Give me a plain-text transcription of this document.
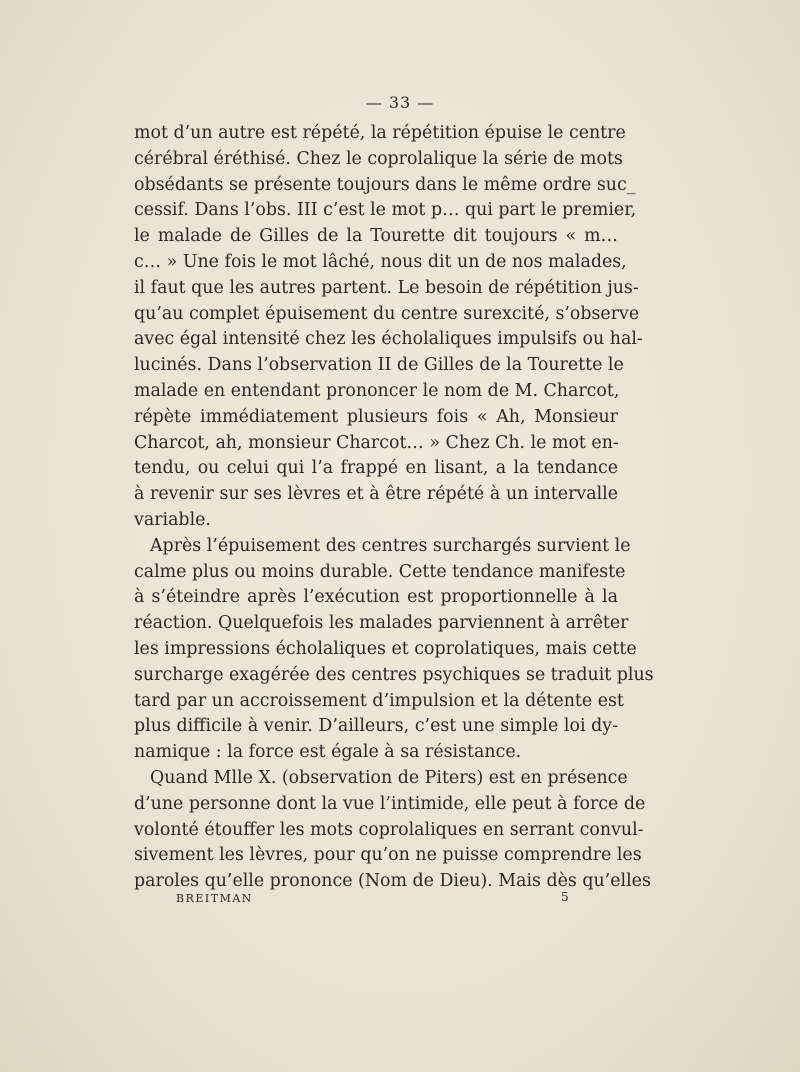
— 33 —
mot d’un autre est répété, la répétition épuise le centre
cérébral éréthisé. Chez le coprolalique la série de mots
obsédants se présente toujours dans le même ordre suc_
cessif. Dans l’obs. III c’est le mot p… qui part le premier,
le malade de Gilles de la Tourette dit toujours « m…
c… » Une fois le mot lâché, nous dit un de nos malades,
il faut que les autres partent. Le besoin de répétition jus-
qu’au complet épuisement du centre surexcité, s’observe
avec égal intensité chez les écholaliques impulsifs ou hal-
lucinés. Dans l’observation II de Gilles de la Tourette le
malade en entendant prononcer le nom de M. Charcot,
répète immédiatement plusieurs fois « Ah, Monsieur
Charcot, ah, monsieur Charcot… » Chez Ch. le mot en-
tendu, ou celui qui l’a frappé en lisant, a la tendance
à revenir sur ses lèvres et à être répété à un intervalle
variable.
Après l’épuisement des centres surchargés survient le
calme plus ou moins durable. Cette tendance manifeste
à s’éteindre après l’exécution est proportionnelle à la
réaction. Quelquefois les malades parviennent à arrêter
les impressions écholaliques et coprolatiques, mais cette
surcharge exagérée des centres psychiques se traduit plus
tard par un accroissement d’impulsion et la détente est
plus difficile à venir. D’ailleurs, c’est une simple loi dy-
namique : la force est égale à sa résistance.
Quand Mlle X. (observation de Piters) est en présence
d’une personne dont la vue l’intimide, elle peut à force de
volonté étouffer les mots coprolaliques en serrant convul-
sivement les lèvres, pour qu’on ne puisse comprendre les
paroles qu’elle prononce (Nom de Dieu). Mais dès qu’elles
BREITMAN	5
